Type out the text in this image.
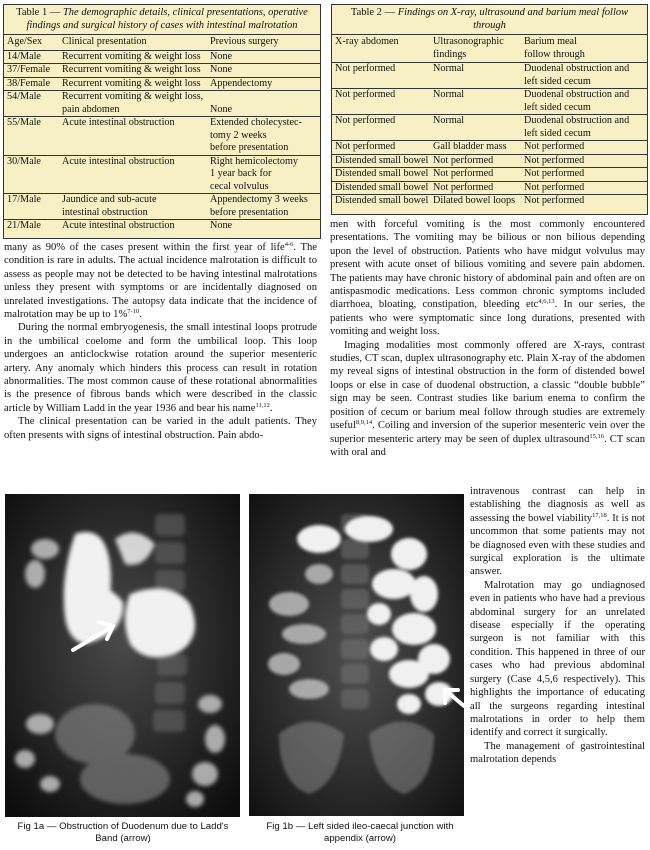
Table 1 — The demographic details, clinical presentations, operative findings and surgical history of cases with intestinal malrotation
Age/Sex	Clinical presentation	Previous surgery
14/Male	Recurrent vomiting & weight loss	None
37/Female	Recurrent vomiting & weight loss	None
38/Female	Recurrent vomiting & weight loss	Appendectomy
54/Male	Recurrent vomiting & weight loss,
pain abdomen	None
55/Male	Acute intestinal obstruction	Extended cholecystec-
tomy 2 weeks
before presentation
30/Male	Acute intestinal obstruction	Right hemicolectomy
1 year back for
cecal volvulus
17/Male	Jaundice and sub-acute
intestinal obstruction	Appendectomy 3 weeks
before presentation
21/Male	Acute intestinal obstruction	None
Table 2 — Findings on X-ray, ultrasound and barium meal follow through
X-ray abdomen	Ultrasonographic
findings	Barium meal
follow through
Not performed	Normal	Duodenal obstruction and
left sided cecum
Not performed	Normal	Duodenal obstruction and
left sided cecum
Not performed	Normal	Duodenal obstruction and
left sided cecum
Not performed	Gall bladder mass	Not performed
Distended small bowel	Not performed	Not performed
Distended small bowel	Not performed	Not performed
Distended small bowel	Not performed	Not performed
Distended small bowel	Dilated bowel loops	Not performed

many as 90% of the cases present within the first year of life$^{4-6}$. The condition is rare in adults. The actual incidence malrotation is difficult to assess as people may not be detected to be having intestinal malrotations unless they present with symptoms or are incidentally diagnosed on unrelated investigations. The autopsy data indicate that the incidence of malrotation may be up to 1%$^{7-10}$.

During the normal embryogenesis, the small intestinal loops protrude in the umbilical coelome and form the umbilical loop. This loop undergoes an anticlockwise rotation around the superior mesenteric artery. Any anomaly which hinders this process can result in rotation abnormalities. The most common cause of these rotational abnormalities is the presence of fibrous bands which were described in the classic article by William Ladd in the year 1936 and bear his name$^{11,12}$.

The clinical presentation can be varied in the adult patients. They often presents with signs of intestinal obstruction. Pain abdo-

men with forceful vomiting is the most commonly encountered presentations. The vomiting may be bilious or non bilious depending upon the level of obstruction. Patients who have midgut volvulus may present with acute onset of bilious vomiting and severe pain abdomen. The patients may have chronic history of abdominal pain and often are on antispasmodic medications. Less common chronic symptoms included diarrhoea, bloating, constipation, bleeding etc$^{4,6,13}$. In our series, the patients who were symptomatic since long durations, presented with vomiting and weight loss.

Imaging modalities most commonly offered are X-rays, contrast studies, CT scan, duplex ultrasonography etc. Plain X-ray of the abdomen my reveal signs of intestinal obstruction in the form of distended bowel loops or else in case of duodenal obstruction, a classic “double bubble” sign may be seen. Contrast studies like barium enema to confirm the position of cecum or barium meal follow through studies are extremely useful$^{8,9,14}$. Coiling and inversion of the superior mesenteric vein over the superior mesenteric artery may be seen of duplex ultrasound$^{15,16}$. CT scan with oral and

intravenous contrast can help in establishing the diagnosis as well as assessing the bowel viability$^{17,18}$. It is not uncommon that some patients may not be diagnosed even with these studies and surgical exploration is the ultimate answer.

Malrotation may go undiagnosed even in patients who have had a previous abdominal surgery for an unrelated disease especially if the operating surgeon is not familiar with this condition. This happened in three of our cases who had previous abdominal surgery (Case 4,5,6 respectively). This highlights the importance of educating all the surgeons regarding intestinal malrotations in order to help them identify and correct it surgically.

The management of gastrointestinal malrotation depends

Fig 1a — Obstruction of Duodenum due to Ladd's Band (arrow)
Fig 1b — Left sided ileo-caecal junction with appendix (arrow)
